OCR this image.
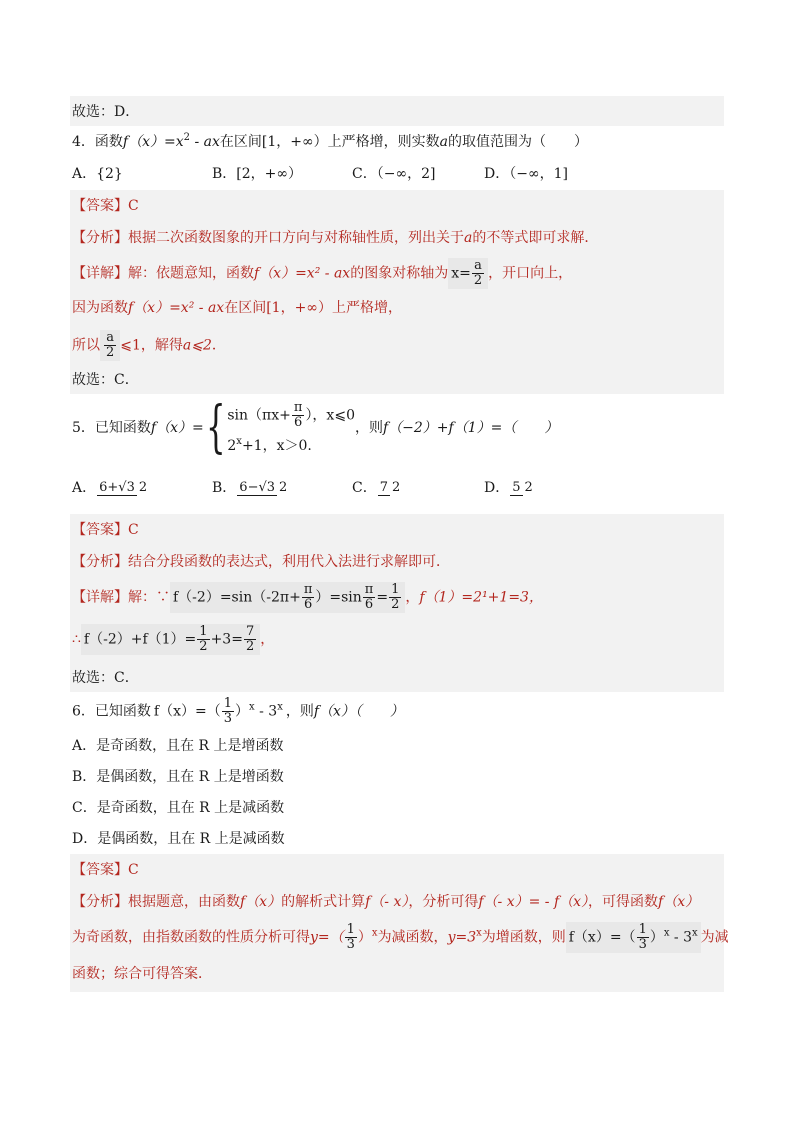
故选：D．
4．函数$f(x)=x^2$ - ax在区间[1，+∞）上严格增，则实数a的取值范围为（　　）
A．{2}	B．[2，+∞）	C．（−∞，2]	D．（−∞，1]
【答案】C
【分析】根据二次函数图象的开口方向与对称轴性质，列出关于a的不等式即可求解．
【详解】解：依题意知，函数f（x）=x² - ax的图象对称轴为 $x= \frac{a}{2}$ ，开口向上，
因为函数f（x）=x² - ax在区间[1，+∞）上严格增，
所以 $\frac{a}{2}$ ⩽1，解得a⩽2．
故选：C．
5．已知函数f（x）={ $\sin(\pi x+ \frac{\pi}{6}$ ），x⩽0
$2^x+1$，x＞0.
，则f（−2）+f（1）=（　　）
A． 6+√3 2	B． 6−√3 2	C． 7 2	D． 5 2
【答案】C
【分析】结合分段函数的表达式，利用代入法进行求解即可．
【详解】解：∵ $f(-2)=\sin(-2\pi+ \frac{\pi}{6} )=\sin \frac{\pi}{6} = \frac{1}{2}$ ，f（1）=2¹+1=3，
∴ $f(-2)+f(1)= \frac{1}{2} +3= \frac{7}{2}$ ，
故选：C．
6．已知函数 $f(x)=( \frac{1}{3} )^x - 3^x$ ，则f（x）（　　）
A．是奇函数，且在 R 上是增函数
B．是偶函数，且在 R 上是增函数
C．是奇函数，且在 R 上是减函数
D．是偶函数，且在 R 上是减函数
【答案】C
【分析】根据题意，由函数f（x）的解析式计算f（- x），分析可得f（- x）= - f（x），可得函数f（x）
为奇函数，由指数函数的性质分析可得$y=( \frac{1}{3} )^x$为减函数，$y=3^x$为增函数，则 $f(x)=( \frac{1}{3} )^x - 3^x$ 为减
函数；综合可得答案．
